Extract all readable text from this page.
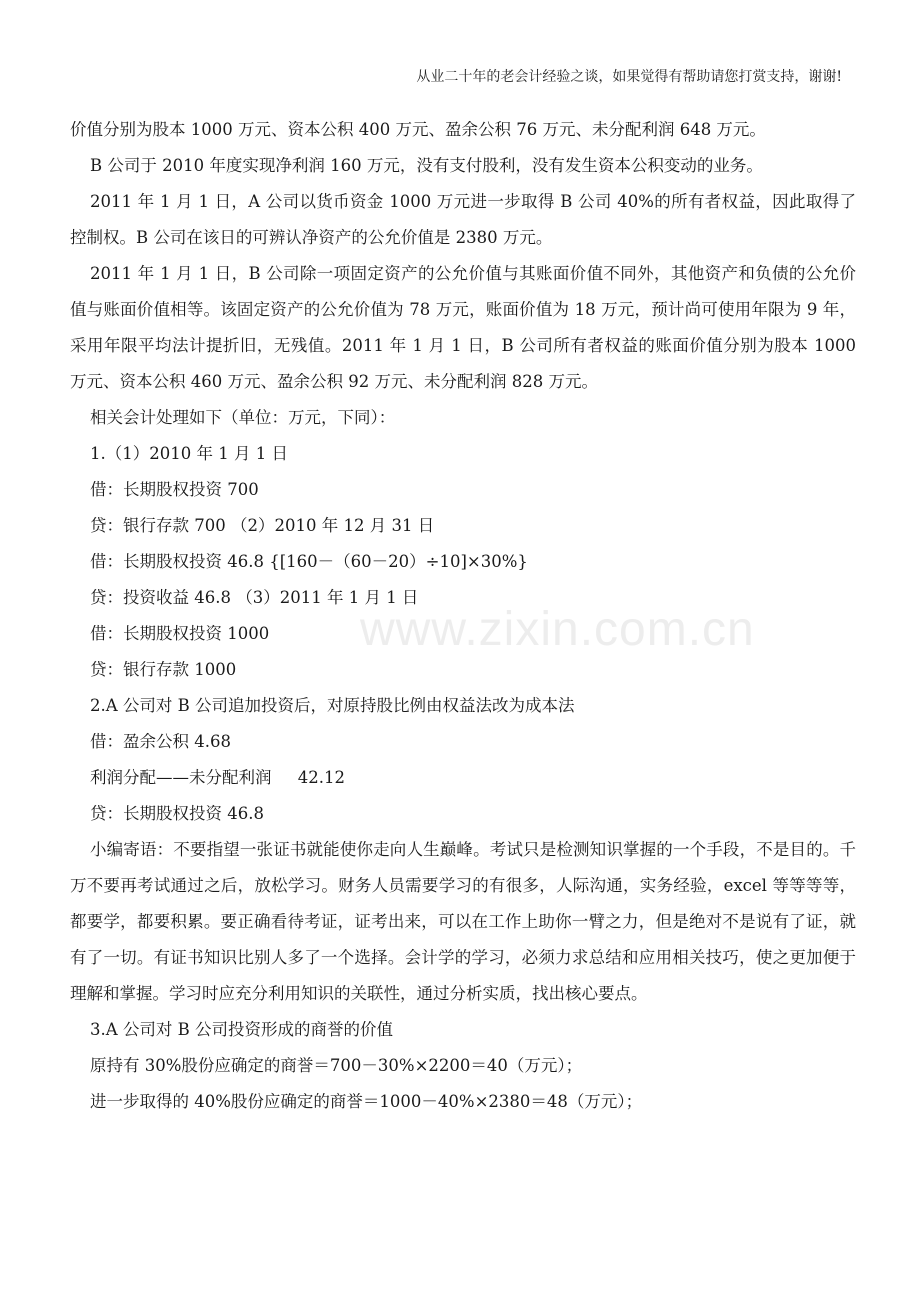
从业二十年的老会计经验之谈，如果觉得有帮助请您打赏支持，谢谢!
www.zixin.com.cn

价值分别为股本 1000 万元、资本公积 400 万元、盈余公积 76 万元、未分配利润 648 万元。

B 公司于 2010 年度实现净利润 160 万元，没有支付股利，没有发生资本公积变动的业务。

2011 年 1 月 1 日，A 公司以货币资金 1000 万元进一步取得 B 公司 40%的所有者权益，因此取得了控制权。B 公司在该日的可辨认净资产的公允价值是 2380 万元。

2011 年 1 月 1 日，B 公司除一项固定资产的公允价值与其账面价值不同外，其他资产和负债的公允价值与账面价值相等。该固定资产的公允价值为 78 万元，账面价值为 18 万元，预计尚可使用年限为 9 年，采用年限平均法计提折旧，无残值。2011 年 1 月 1 日，B 公司所有者权益的账面价值分别为股本 1000 万元、资本公积 460 万元、盈余公积 92 万元、未分配利润 828 万元。

相关会计处理如下（单位：万元，下同）：

1.（1）2010 年 1 月 1 日

借：长期股权投资 700

贷：银行存款 700 （2）2010 年 12 月 31 日

借：长期股权投资 46.8 {[160－（60－20）÷10]×30%}

贷：投资收益 46.8 （3）2011 年 1 月 1 日

借：长期股权投资 1000

贷：银行存款 1000

2.A 公司对 B 公司追加投资后，对原持股比例由权益法改为成本法

借：盈余公积 4.68

利润分配——未分配利润     42.12

贷：长期股权投资 46.8

小编寄语：不要指望一张证书就能使你走向人生巅峰。考试只是检测知识掌握的一个手段，不是目的。千万不要再考试通过之后，放松学习。财务人员需要学习的有很多，人际沟通，实务经验，excel 等等等等，都要学，都要积累。要正确看待考证，证考出来，可以在工作上助你一臂之力，但是绝对不是说有了证，就有了一切。有证书知识比别人多了一个选择。会计学的学习，必须力求总结和应用相关技巧，使之更加便于理解和掌握。学习时应充分利用知识的关联性，通过分析实质，找出核心要点。

3.A 公司对 B 公司投资形成的商誉的价值

原持有 30%股份应确定的商誉＝700－30%×2200＝40（万元）；

进一步取得的 40%股份应确定的商誉＝1000－40%×2380＝48（万元）；
